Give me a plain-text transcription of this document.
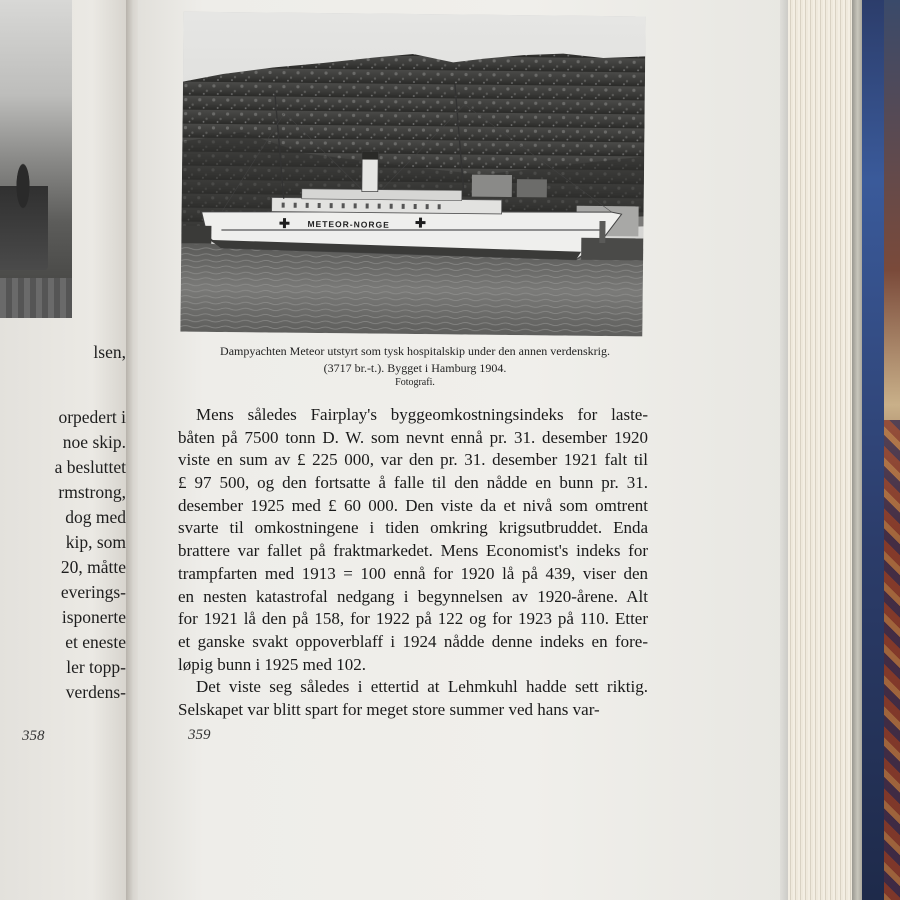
lsen,
orpedert i
noe skip.
a besluttet
rmstrong,
dog med
kip, som
20, måtte
everings-
isponerte
et eneste
ler topp-
verdens-
358
METEOR-NORGE
Dampyachten Meteor utstyrt som tysk hospitalskip under den annen verdenskrig.
(3717 br.-t.). Bygget i Hamburg 1904.
Fotografi.
Mens således Fairplay's byggeomkostningsindeks for laste-
båten på 7500 tonn D. W. som nevnt ennå pr. 31. desember 1920
viste en sum av £ 225 000, var den pr. 31. desember 1921 falt til
£ 97 500, og den fortsatte å falle til den nådde en bunn pr. 31.
desember 1925 med £ 60 000. Den viste da et nivå som omtrent
svarte til omkostningene i tiden omkring krigsutbruddet. Enda
brattere var fallet på fraktmarkedet. Mens Economist's indeks for
trampfarten med 1913 = 100 ennå for 1920 lå på 439, viser den
en nesten katastrofal nedgang i begynnelsen av 1920-årene. Alt
for 1921 lå den på 158, for 1922 på 122 og for 1923 på 110. Etter
et ganske svakt oppoverblaff i 1924 nådde denne indeks en fore-
løpig bunn i 1925 med 102.
Det viste seg således i ettertid at Lehmkuhl hadde sett riktig.
Selskapet var blitt spart for meget store summer ved hans var-
359
